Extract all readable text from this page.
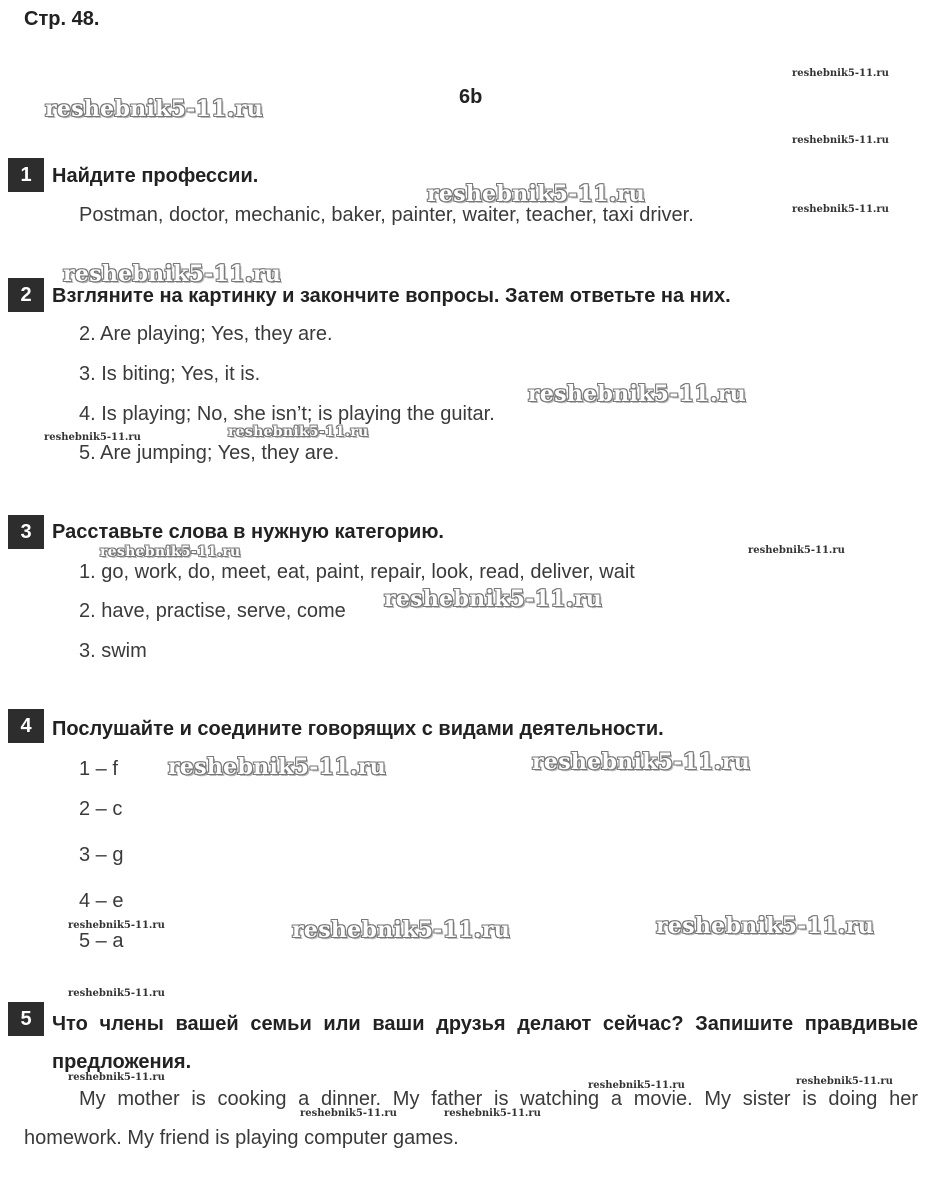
Стр. 48.
6b
1	Найдите профессии.
Postman, doctor, mechanic, baker, painter, waiter, teacher, taxi driver.
2	Взгляните на картинку и закончите вопросы. Затем ответьте на них.
2. Are playing; Yes, they are.
3. Is biting; Yes, it is.
4. Is playing; No, she isn’t; is playing the guitar.
5. Are jumping; Yes, they are.
3	Расставьте слова в нужную категорию.
1. go, work, do, meet, eat, paint, repair, look, read, deliver, wait
2. have, practise, serve, come
3. swim
4	Послушайте и соедините говорящих с видами деятельности.
1 – f
2 – c
3 – g
4 – e
5 – a
5	Что члены вашей семьи или ваши друзья делают сейчас? Запишите правдивые предложения.
My mother is cooking a dinner. My father is watching a movie. My sister is doing her homework. My friend is playing computer games.
reshebnik5-11.ru
reshebnik5-11.ru
reshebnik5-11.ru
reshebnik5-11.ru
reshebnik5-11.ru
reshebnik5-11.ru	reshebnik5-11.ru
reshebnik5-11.ru	reshebnik5-11.ru
reshebnik5-11.ru
reshebnik5-11.ru
reshebnik5-11.ru
reshebnik5-11.ru	reshebnik5-11.ru
reshebnik5-11.ru	reshebnik5-11.ru
reshebnik5-11.ru
reshebnik5-11.ru
reshebnik5-11.ru
reshebnik5-11.ru	reshebnik5-11.ru
reshebnik5-11.ru	reshebnik5-11.ru
